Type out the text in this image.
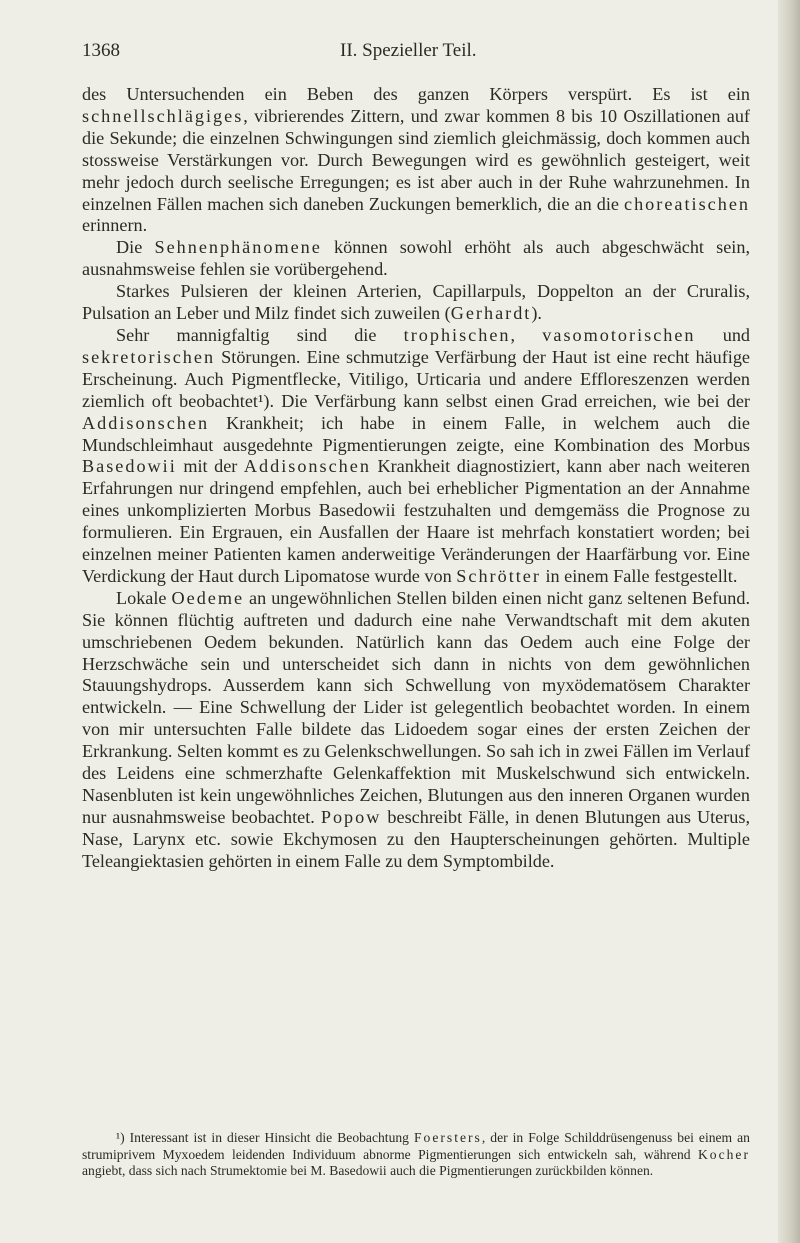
1368	II. Spezieller Teil.

des Untersuchenden ein Beben des ganzen Körpers verspürt. Es ist ein schnellschlägiges, vibrierendes Zittern, und zwar kommen 8 bis 10 Oszillationen auf die Sekunde; die einzelnen Schwingungen sind ziemlich gleichmässig, doch kommen auch stossweise Verstärkungen vor. Durch Bewegungen wird es gewöhnlich gesteigert, weit mehr jedoch durch seelische Erregungen; es ist aber auch in der Ruhe wahrzunehmen. In einzelnen Fällen machen sich daneben Zuckungen bemerklich, die an die choreatischen erinnern.

Die Sehnenphänomene können sowohl erhöht als auch abgeschwächt sein, ausnahmsweise fehlen sie vorübergehend.

Starkes Pulsieren der kleinen Arterien, Capillarpuls, Doppelton an der Cruralis, Pulsation an Leber und Milz findet sich zuweilen (Gerhardt).

Sehr mannigfaltig sind die trophischen, vasomotorischen und sekretorischen Störungen. Eine schmutzige Verfärbung der Haut ist eine recht häufige Erscheinung. Auch Pigmentflecke, Vitiligo, Urticaria und andere Effloreszenzen werden ziemlich oft beobachtet¹). Die Verfärbung kann selbst einen Grad erreichen, wie bei der Addisonschen Krankheit; ich habe in einem Falle, in welchem auch die Mundschleimhaut ausgedehnte Pigmentierungen zeigte, eine Kombination des Morbus Basedowii mit der Addisonschen Krankheit diagnostiziert, kann aber nach weiteren Erfahrungen nur dringend empfehlen, auch bei erheblicher Pigmentation an der Annahme eines unkomplizierten Morbus Basedowii festzuhalten und demgemäss die Prognose zu formulieren. Ein Ergrauen, ein Ausfallen der Haare ist mehrfach konstatiert worden; bei einzelnen meiner Patienten kamen anderweitige Veränderungen der Haarfärbung vor. Eine Verdickung der Haut durch Lipomatose wurde von Schrötter in einem Falle festgestellt.

Lokale Oedeme an ungewöhnlichen Stellen bilden einen nicht ganz seltenen Befund. Sie können flüchtig auftreten und dadurch eine nahe Verwandtschaft mit dem akuten umschriebenen Oedem bekunden. Natürlich kann das Oedem auch eine Folge der Herzschwäche sein und unterscheidet sich dann in nichts von dem gewöhnlichen Stauungshydrops. Ausserdem kann sich Schwellung von myxödematösem Charakter entwickeln. — Eine Schwellung der Lider ist gelegentlich beobachtet worden. In einem von mir untersuchten Falle bildete das Lidoedem sogar eines der ersten Zeichen der Erkrankung. Selten kommt es zu Gelenkschwellungen. So sah ich in zwei Fällen im Verlauf des Leidens eine schmerzhafte Gelenkaffektion mit Muskelschwund sich entwickeln. Nasenbluten ist kein ungewöhnliches Zeichen, Blutungen aus den inneren Organen wurden nur ausnahmsweise beobachtet. Popow beschreibt Fälle, in denen Blutungen aus Uterus, Nase, Larynx etc. sowie Ekchymosen zu den Haupterscheinungen gehörten. Multiple Teleangiektasien gehörten in einem Falle zu dem Symptombilde.

¹) Interessant ist in dieser Hinsicht die Beobachtung Foersters, der in Folge Schilddrüsengenuss bei einem an strumiprivem Myxoedem leidenden Individuum abnorme Pigmentierungen sich entwickeln sah, während Kocher angiebt, dass sich nach Strumektomie bei M. Basedowii auch die Pigmentierungen zurückbilden können.
